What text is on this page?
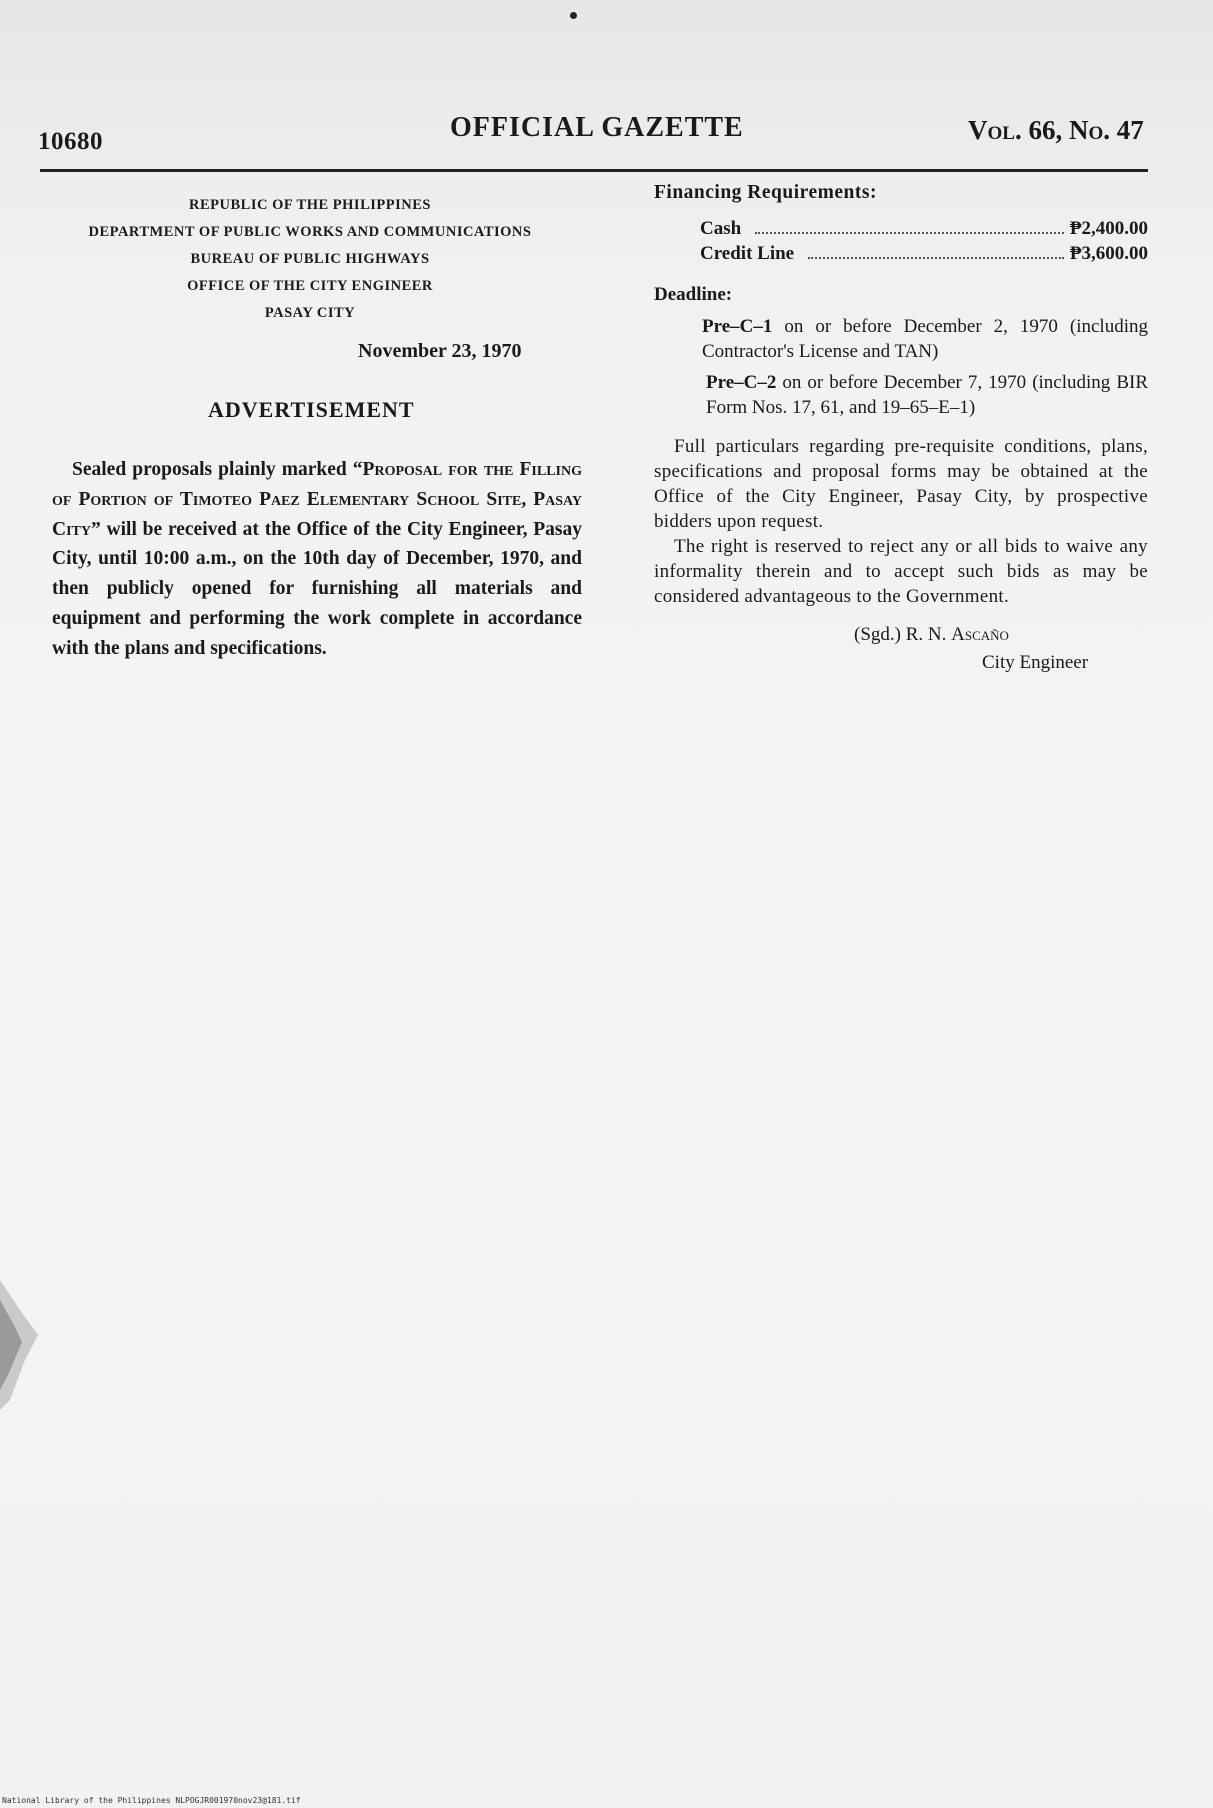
10680	OFFICIAL GAZETTE	Vol. 66, No. 47
REPUBLIC OF THE PHILIPPINES
DEPARTMENT OF PUBLIC WORKS AND COMMUNICATIONS
BUREAU OF PUBLIC HIGHWAYS
OFFICE OF THE CITY ENGINEER
PASAY CITY
November 23, 1970
ADVERTISEMENT
Sealed proposals plainly marked “Proposal for the Filling of Portion of Timoteo Paez Elementary School Site, Pasay City” will be received at the Office of the City Engineer, Pasay City, until 10:00 a.m., on the 10th day of December, 1970, and then publicly opened for furnishing all materials and equipment and performing the work complete in accordance with the plans and specifications.
Financing Requirements:
Cash	₱2,400.00
Credit Line	₱3,600.00
Deadline:
Pre–C–1 on or before December 2, 1970 (including Contractor's License and TAN)
Pre–C–2 on or before December 7, 1970 (including BIR Form Nos. 17, 61, and 19–65–E–1)
Full particulars regarding pre-requisite conditions, plans, specifications and proposal forms may be obtained at the Office of the City Engineer, Pasay City, by prospective bidders upon request.
The right is reserved to reject any or all bids to waive any informality therein and to accept such bids as may be considered advantageous to the Government.
(Sgd.) R. N. Ascaño
City Engineer
National Library of the Philippines NLPOGJR001970nov23@181.tif
